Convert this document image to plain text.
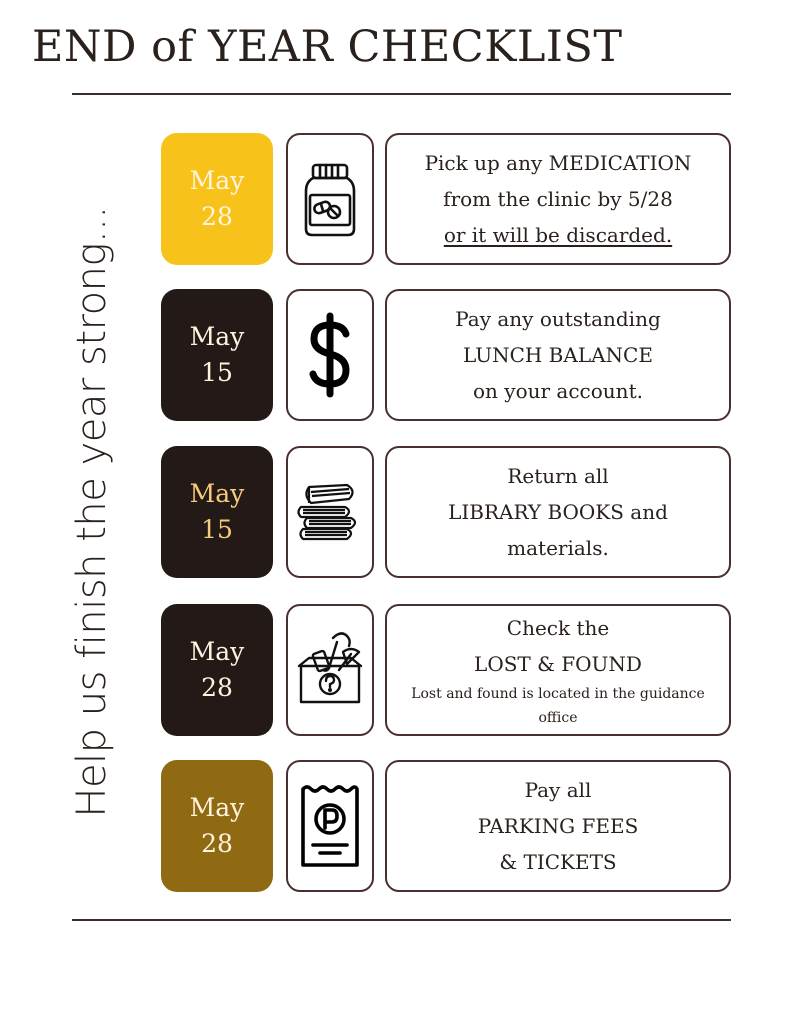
END of YEAR CHECKLIST
Help us finish the year strong...
May
28
Pick up any MEDICATION
from the clinic by 5/28
or it will be discarded.
May
15
Pay any outstanding
LUNCH BALANCE
on your account.
May
15
Return all
LIBRARY BOOKS and
materials.
May
28
Check the
LOST & FOUND
Lost and found is located in the guidance office
May
28
Pay all
PARKING FEES
& TICKETS
